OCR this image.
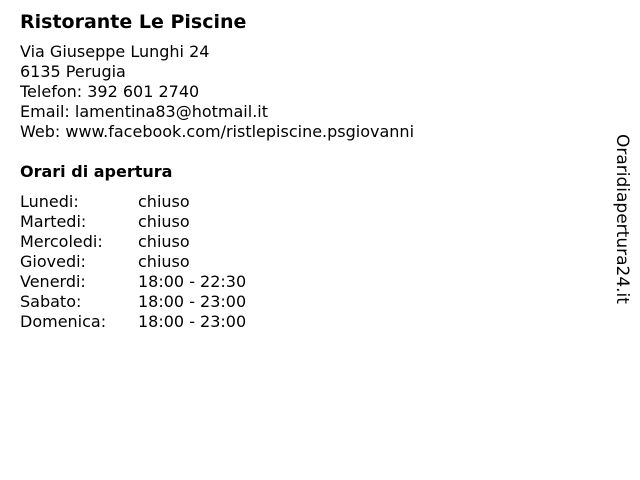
Ristorante Le Piscine
Via Giuseppe Lunghi 24
6135 Perugia
Telefon: 392 601 2740
Email: lamentina83@hotmail.it
Web: www.facebook.com/ristlepiscine.psgiovanni
Orari di apertura
Lunedi:	chiuso
Martedi:	chiuso
Mercoledi:	chiuso
Giovedi:	chiuso
Venerdi:	18:00 - 22:30
Sabato:	18:00 - 23:00
Domenica:	18:00 - 23:00
Oraridiapertura24.it
